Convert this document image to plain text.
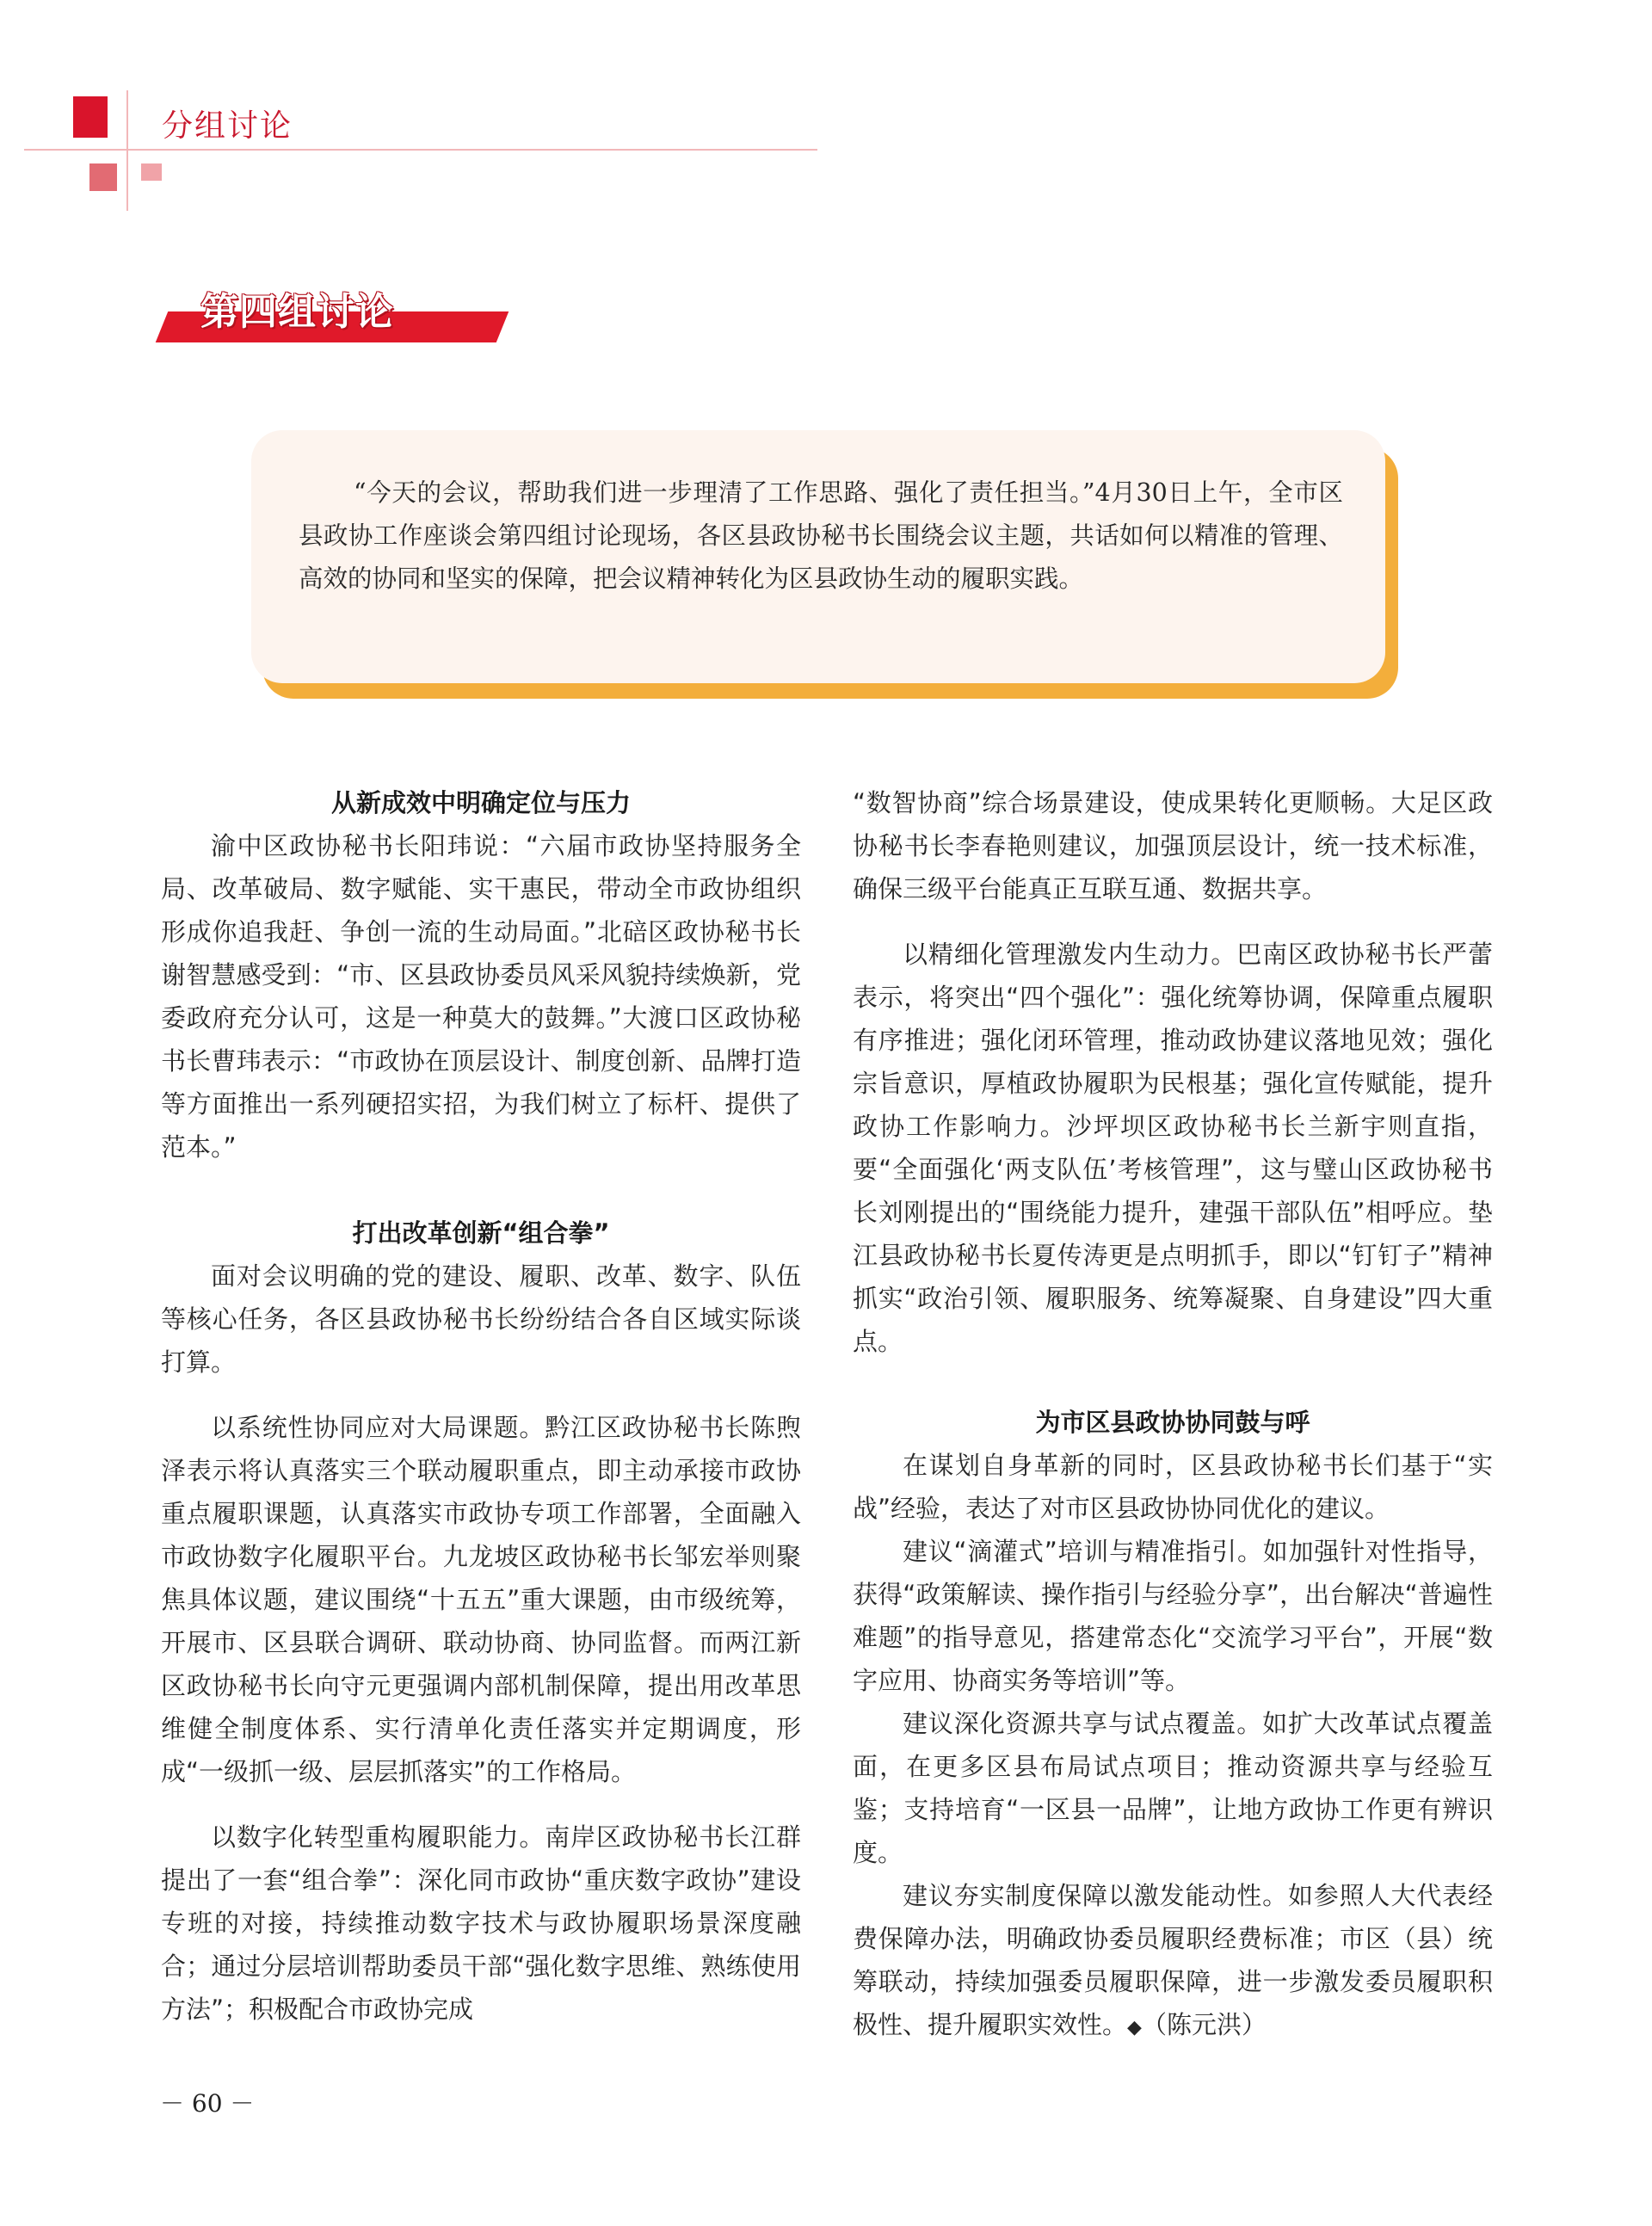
分组讨论
第四组讨论

“今天的会议，帮助我们进一步理清了工作思路、强化了责任担当。”4月30日上午，全市区县政协工作座谈会第四组讨论现场，各区县政协秘书长围绕会议主题，共话如何以精准的管理、高效的协同和坚实的保障，把会议精神转化为区县政协生动的履职实践。

从新成效中明确定位与压力

渝中区政协秘书长阳玮说：“六届市政协坚持服务全局、改革破局、数字赋能、实干惠民，带动全市政协组织形成你追我赶、争创一流的生动局面。”北碚区政协秘书长谢智慧感受到：“市、区县政协委员风采风貌持续焕新，党委政府充分认可，这是一种莫大的鼓舞。”大渡口区政协秘书长曹玮表示：“市政协在顶层设计、制度创新、品牌打造等方面推出一系列硬招实招，为我们树立了标杆、提供了范本。”

打出改革创新“组合拳”

面对会议明确的党的建设、履职、改革、数字、队伍等核心任务，各区县政协秘书长纷纷结合各自区域实际谈打算。

以系统性协同应对大局课题。黔江区政协秘书长陈煦泽表示将认真落实三个联动履职重点，即主动承接市政协重点履职课题，认真落实市政协专项工作部署，全面融入市政协数字化履职平台。九龙坡区政协秘书长邹宏举则聚焦具体议题，建议围绕“十五五”重大课题，由市级统筹，开展市、区县联合调研、联动协商、协同监督。而两江新区政协秘书长向守元更强调内部机制保障，提出用改革思维健全制度体系、实行清单化责任落实并定期调度，形成“一级抓一级、层层抓落实”的工作格局。

以数字化转型重构履职能力。南岸区政协秘书长江群提出了一套“组合拳”：深化同市政协“重庆数字政协”建设专班的对接，持续推动数字技术与政协履职场景深度融合；通过分层培训帮助委员干部“强化数字思维、熟练使用方法”；积极配合市政协完成

“数智协商”综合场景建设，使成果转化更顺畅。大足区政协秘书长李春艳则建议，加强顶层设计，统一技术标准，确保三级平台能真正互联互通、数据共享。

以精细化管理激发内生动力。巴南区政协秘书长严蕾表示，将突出“四个强化”：强化统筹协调，保障重点履职有序推进；强化闭环管理，推动政协建议落地见效；强化宗旨意识，厚植政协履职为民根基；强化宣传赋能，提升政协工作影响力。沙坪坝区政协秘书长兰新宇则直指，要“全面强化‘两支队伍’考核管理”，这与璧山区政协秘书长刘刚提出的“围绕能力提升，建强干部队伍”相呼应。垫江县政协秘书长夏传涛更是点明抓手，即以“钉钉子”精神抓实“政治引领、履职服务、统筹凝聚、自身建设”四大重点。

为市区县政协协同鼓与呼

在谋划自身革新的同时，区县政协秘书长们基于“实战”经验，表达了对市区县政协协同优化的建议。

建议“滴灌式”培训与精准指引。如加强针对性指导，获得“政策解读、操作指引与经验分享”，出台解决“普遍性难题”的指导意见，搭建常态化“交流学习平台”，开展“数字应用、协商实务等培训”等。

建议深化资源共享与试点覆盖。如扩大改革试点覆盖面，在更多区县布局试点项目；推动资源共享与经验互鉴；支持培育“一区县一品牌”，让地方政协工作更有辨识度。

建议夯实制度保障以激发能动性。如参照人大代表经费保障办法，明确政协委员履职经费标准；市区（县）统筹联动，持续加强委员履职保障，进一步激发委员履职积极性、提升履职实效性。◆（陈元洪）

－ 60 －
